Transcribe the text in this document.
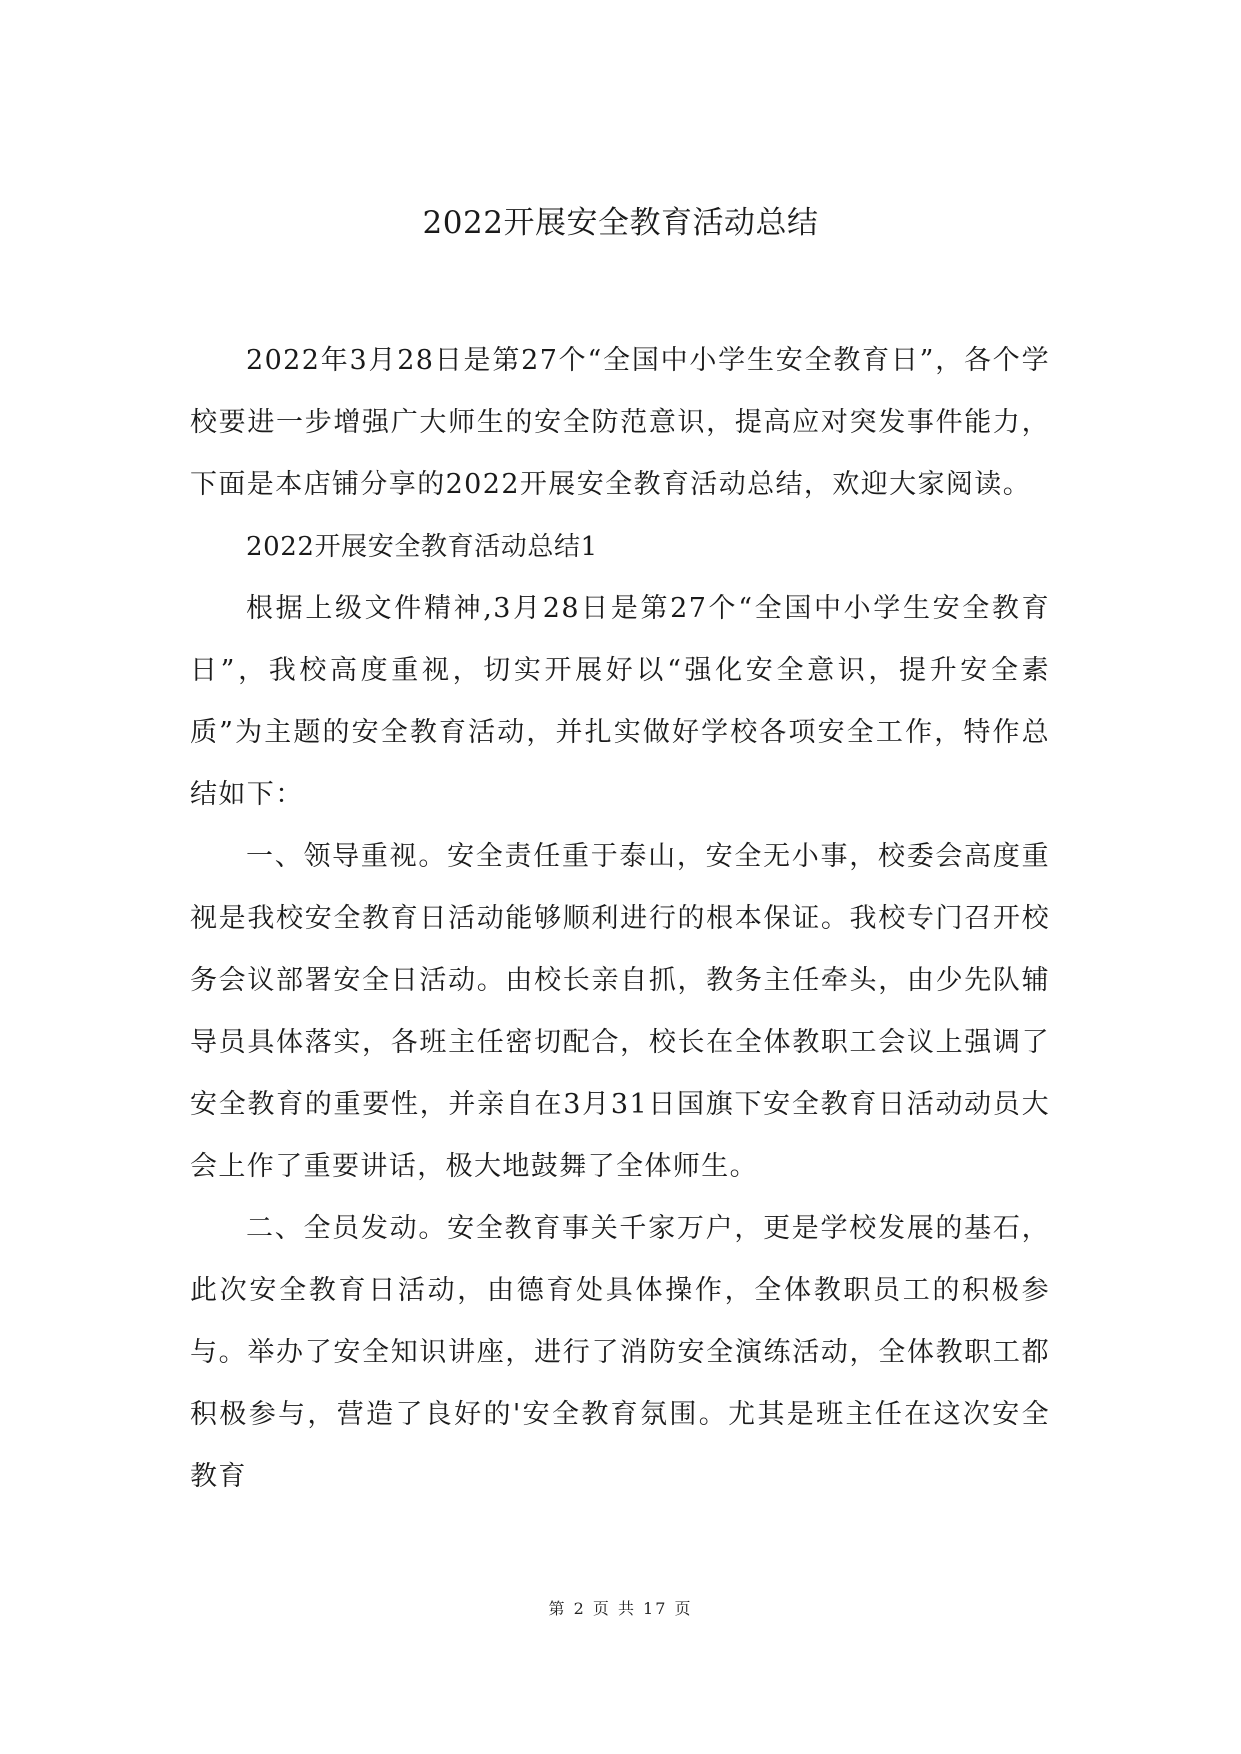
2022开展安全教育活动总结

2022年3月28日是第27个“全国中小学生安全教育日”，各个学校要进一步增强广大师生的安全防范意识，提高应对突发事件能力，下面是本店铺分享的2022开展安全教育活动总结，欢迎大家阅读。

2022开展安全教育活动总结1

根据上级文件精神,3月28日是第27个“全国中小学生安全教育日”，我校高度重视，切实开展好以“强化安全意识，提升安全素质”为主题的安全教育活动，并扎实做好学校各项安全工作，特作总结如下：

一、领导重视。安全责任重于泰山，安全无小事，校委会高度重视是我校安全教育日活动能够顺利进行的根本保证。我校专门召开校务会议部署安全日活动。由校长亲自抓，教务主任牵头，由少先队辅导员具体落实，各班主任密切配合，校长在全体教职工会议上强调了安全教育的重要性，并亲自在3月31日国旗下安全教育日活动动员大会上作了重要讲话，极大地鼓舞了全体师生。

二、全员发动。安全教育事关千家万户，更是学校发展的基石，此次安全教育日活动，由德育处具体操作，全体教职员工的积极参与。举办了安全知识讲座，进行了消防安全演练活动，全体教职工都积极参与，营造了良好的'安全教育氛围。尤其是班主任在这次安全教育

第 2 页 共 17 页
